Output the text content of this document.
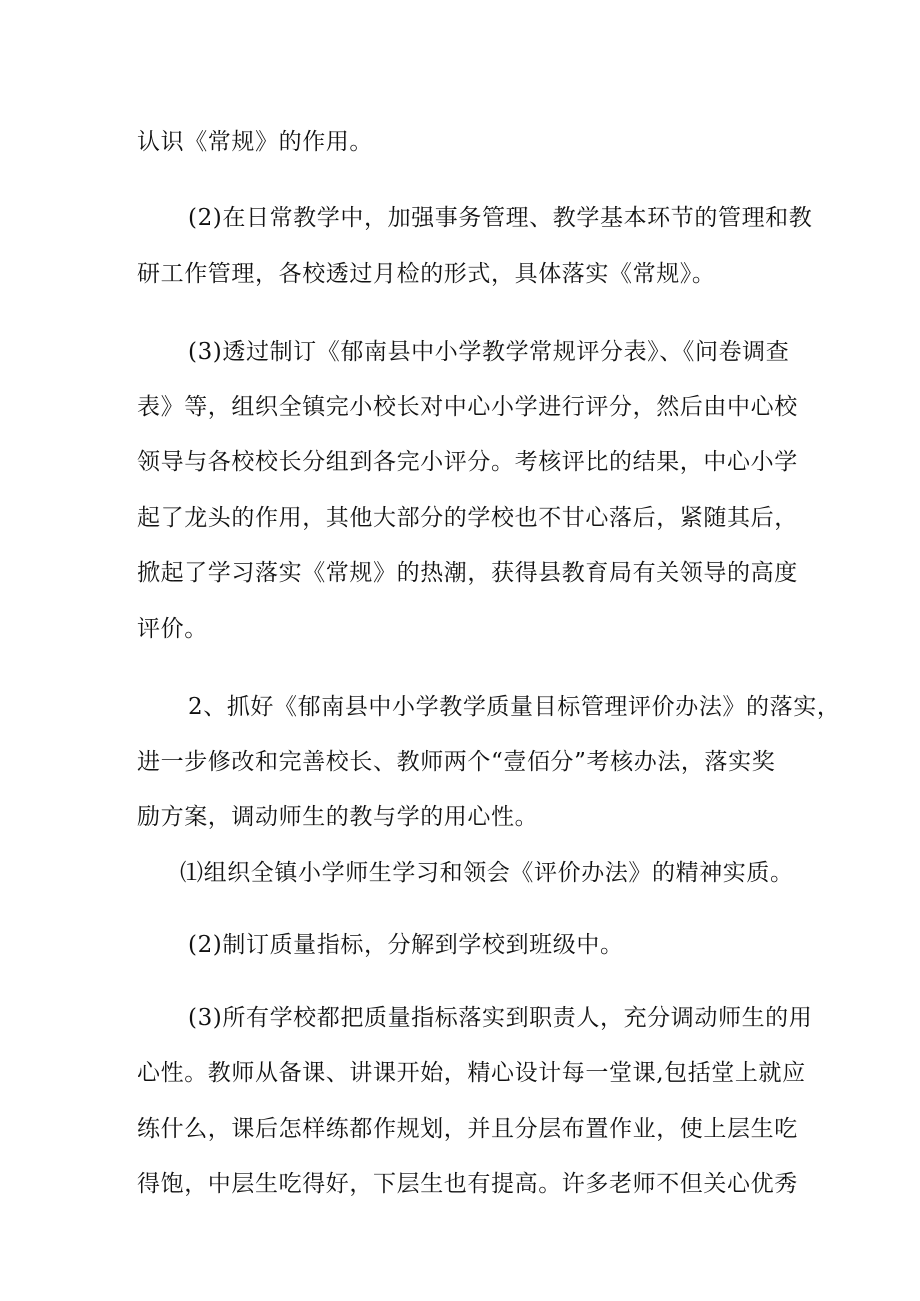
认识《常规》的作用。

(2)在日常教学中，加强事务管理、教学基本环节的管理和教

研工作管理，各校透过月检的形式，具体落实《常规》。

(3)透过制订《郁南县中小学教学常规评分表》、《问卷调查

表》等，组织全镇完小校长对中心小学进行评分，然后由中心校

领导与各校校长分组到各完小评分。考核评比的结果，中心小学

起了龙头的作用，其他大部分的学校也不甘心落后，紧随其后，

掀起了学习落实《常规》的热潮，获得县教育局有关领导的高度

评价。

2、抓好《郁南县中小学教学质量目标管理评价办法》的落实，

进一步修改和完善校长、教师两个“壹佰分”考核办法，落实奖

励方案，调动师生的教与学的用心性。

⑴组织全镇小学师生学习和领会《评价办法》的精神实质。

(2)制订质量指标，分解到学校到班级中。

(3)所有学校都把质量指标落实到职责人，充分调动师生的用

心性。教师从备课、讲课开始，精心设计每一堂课,包括堂上就应

练什么，课后怎样练都作规划，并且分层布置作业，使上层生吃

得饱，中层生吃得好，下层生也有提高。许多老师不但关心优秀
